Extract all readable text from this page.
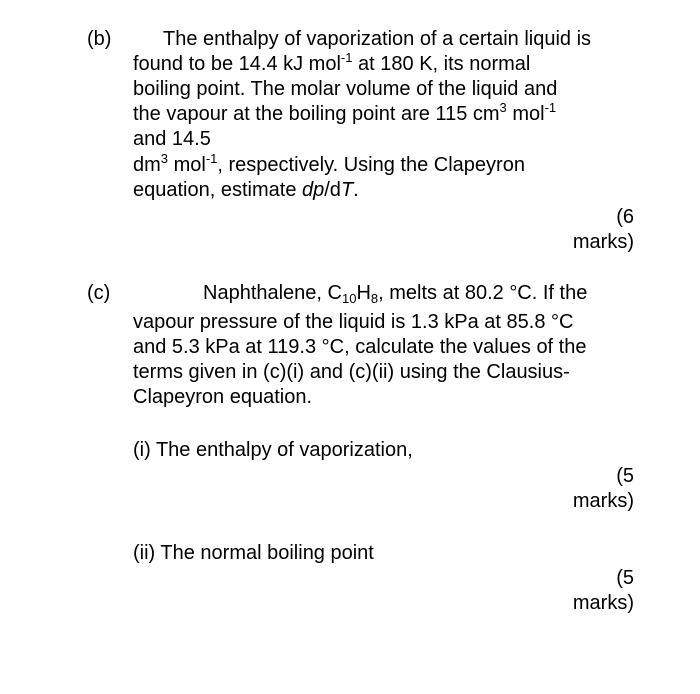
(b)	The enthalpy of vaporization of a certain liquid is
found to be 14.4 kJ mol$^{-1}$ at 180 K, its normal
boiling point. The molar volume of the liquid and
the vapour at the boiling point are 115 $cm^3$ mol$^{-1}$
and 14.5
$dm^3$ mol$^{-1}$, respectively. Using the Clapeyron
equation, estimate dp/dT.
(6
marks)
(c)	Naphthalene, $C_{10}H_8$, melts at 80.2 °C. If the
vapour pressure of the liquid is 1.3 kPa at 85.8 °C
and 5.3 kPa at 119.3 °C, calculate the values of the
terms given in (c)(i) and (c)(ii) using the Clausius-
Clapeyron equation.
(i) The enthalpy of vaporization,
(5
marks)
(ii) The normal boiling point
(5
marks)
